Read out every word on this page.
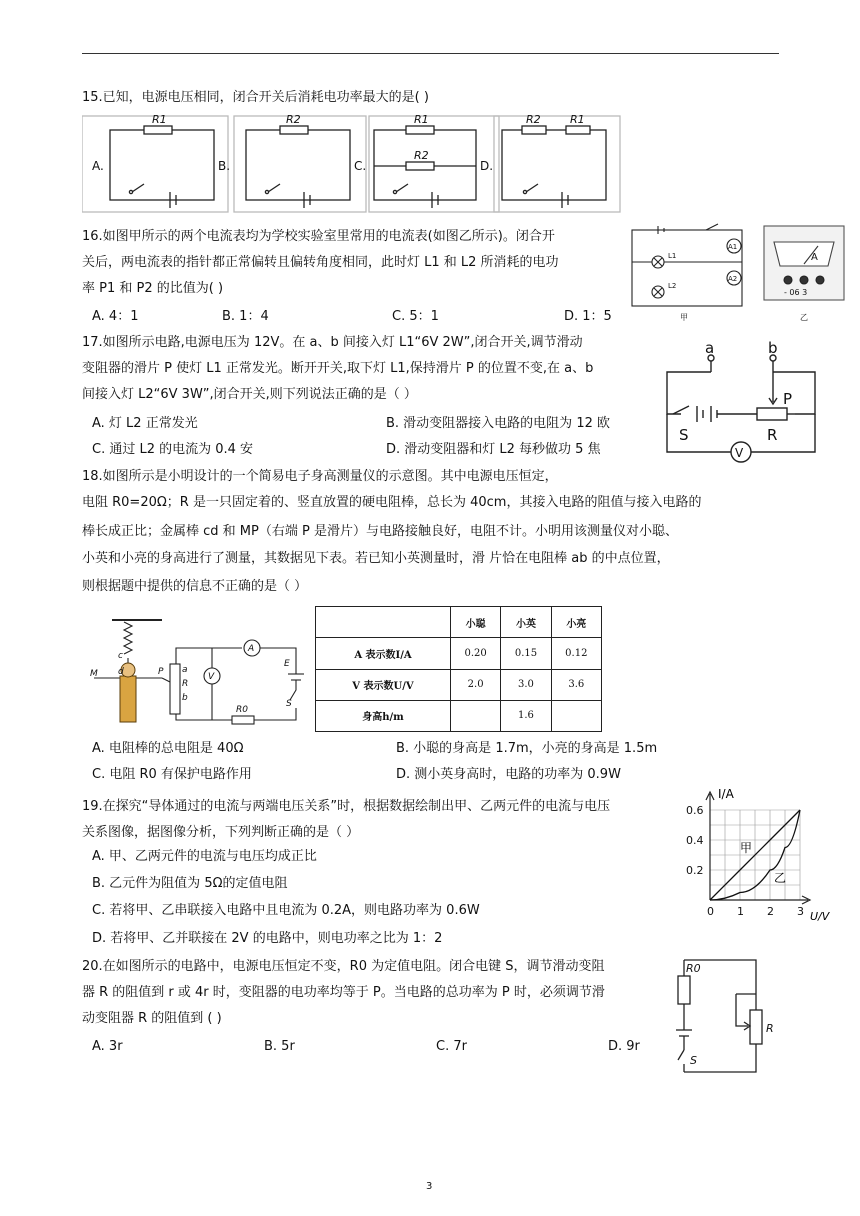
15.已知，电源电压相同，闭合开关后消耗电功率最大的是( )
R1	R2	R1
R2
R2	R1
A.	B.	C.	D.
16.如图甲所示的两个电流表均为学校实验室里常用的电流表(如图乙所示)。闭合开
关后，两电流表的指针都正常偏转且偏转角度相同，此时灯 L1 和 L2 所消耗的电功
率 P1 和 P2 的比值为( )
A. 4：1	B. 1：4	C. 5：1	D. 1：5
A1
A2
L1
L2
A
- 06 3
甲	乙
17.如图所示电路,电源电压为 12V。在 a、b 间接入灯 L1“6V 2W”,闭合开关,调节滑动
变阻器的滑片 P 使灯 L1 正常发光。断开开关,取下灯 L1,保持滑片 P 的位置不变,在 a、b
间接入灯 L2“6V 3W”,闭合开关,则下列说法正确的是（ ）
A. 灯 L2 正常发光	B. 滑动变阻器接入电路的电阻为 12 欧
C. 通过 L2 的电流为 0.4 安	D. 滑动变阻器和灯 L2 每秒做功 5 焦
a	b
P
S	R
V
18.如图所示是小明设计的一个简易电子身高测量仪的示意图。其中电源电压恒定，
电阻 R0=20Ω；R 是一只固定着的、竖直放置的硬电阻棒，总长为 40cm，其接入电路的阻值与接入电路的
棒长成正比；金属棒 cd 和 MP（右端 P 是滑片）与电路接触良好，电阻不计。小明用该测量仪对小聪、
小英和小亮的身高进行了测量，其数据见下表。若已知小英测量时，滑 片恰在电阻棒 ab 的中点位置，
则根据题中提供的信息不正确的是（ ）
A
V
E
S
R0
M	P
c
d	a
R
b
	小聪	小英	小亮
A 表示数I/A	0.20	0.15	0.12
V 表示数U/V	2.0	3.0	3.6
身高h/m		1.6	
A. 电阻棒的总电阻是 40Ω	B. 小聪的身高是 1.7m，小亮的身高是 1.5m
C. 电阻 R0 有保护电路作用	D. 测小英身高时，电路的功率为 0.9W
19.在探究“导体通过的电流与两端电压关系”时，根据数据绘制出甲、乙两元件的电流与电压
关系图像，据图像分析，下列判断正确的是（ ）
A. 甲、乙两元件的电流与电压均成正比
B. 乙元件为阻值为 5Ω的定值电阻
C. 若将甲、乙串联接入电路中且电流为 0.2A，则电路功率为 0.6W
D. 若将甲、乙并联接在 2V 的电路中，则电功率之比为 1：2
0 1 2 3
0.2
0.4
0.6
I/A
U/V
甲
乙
20.在如图所示的电路中，电源电压恒定不变，R0 为定值电阻。闭合电键 S，调节滑动变阻
器 R 的阻值到 r 或 4r 时，变阻器的电功率均等于 P。当电路的总功率为 P 时，必须调节滑
动变阻器 R 的阻值到 ( )
A. 3r	B. 5r	C. 7r	D. 9r
R0
R
S
3
